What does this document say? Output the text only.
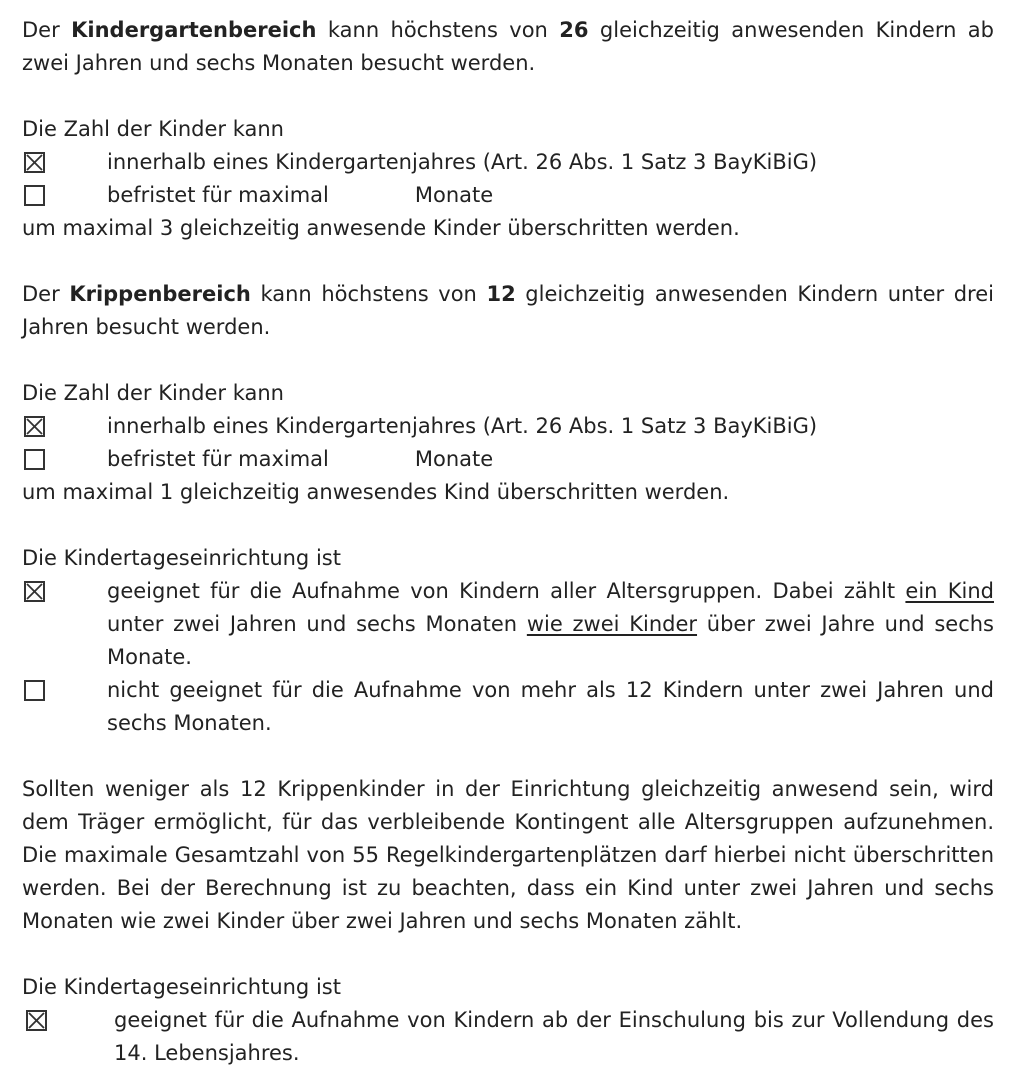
Der Kindergartenbereich kann höchstens von 26 gleichzeitig anwesenden Kindern ab zwei Jahren und sechs Monaten besucht werden.

Die Zahl der Kinder kann

innerhalb eines Kindergartenjahres (Art. 26 Abs. 1 Satz 3 BayKiBiG)
befristet für maximal	Monate

um maximal 3 gleichzeitig anwesende Kinder überschritten werden.

Der Krippenbereich kann höchstens von 12 gleichzeitig anwesenden Kindern unter drei Jahren besucht werden.

Die Zahl der Kinder kann

innerhalb eines Kindergartenjahres (Art. 26 Abs. 1 Satz 3 BayKiBiG)
befristet für maximal	Monate

um maximal 1 gleichzeitig anwesendes Kind überschritten werden.

Die Kindertageseinrichtung ist

geeignet für die Aufnahme von Kindern aller Altersgruppen. Dabei zählt ein Kind unter zwei Jahren und sechs Monaten wie zwei Kinder über zwei Jahre und sechs Monate.
nicht geeignet für die Aufnahme von mehr als 12 Kindern unter zwei Jahren und sechs Monaten.

Sollten weniger als 12 Krippenkinder in der Einrichtung gleichzeitig anwesend sein, wird dem Träger ermöglicht, für das verbleibende Kontingent alle Altersgruppen aufzunehmen. Die maximale Gesamtzahl von 55 Regelkindergartenplätzen darf hierbei nicht überschritten werden. Bei der Berechnung ist zu beachten, dass ein Kind unter zwei Jahren und sechs Monaten wie zwei Kinder über zwei Jahren und sechs Monaten zählt.

Die Kindertageseinrichtung ist

geeignet für die Aufnahme von Kindern ab der Einschulung bis zur Vollendung des 14. Lebensjahres.
